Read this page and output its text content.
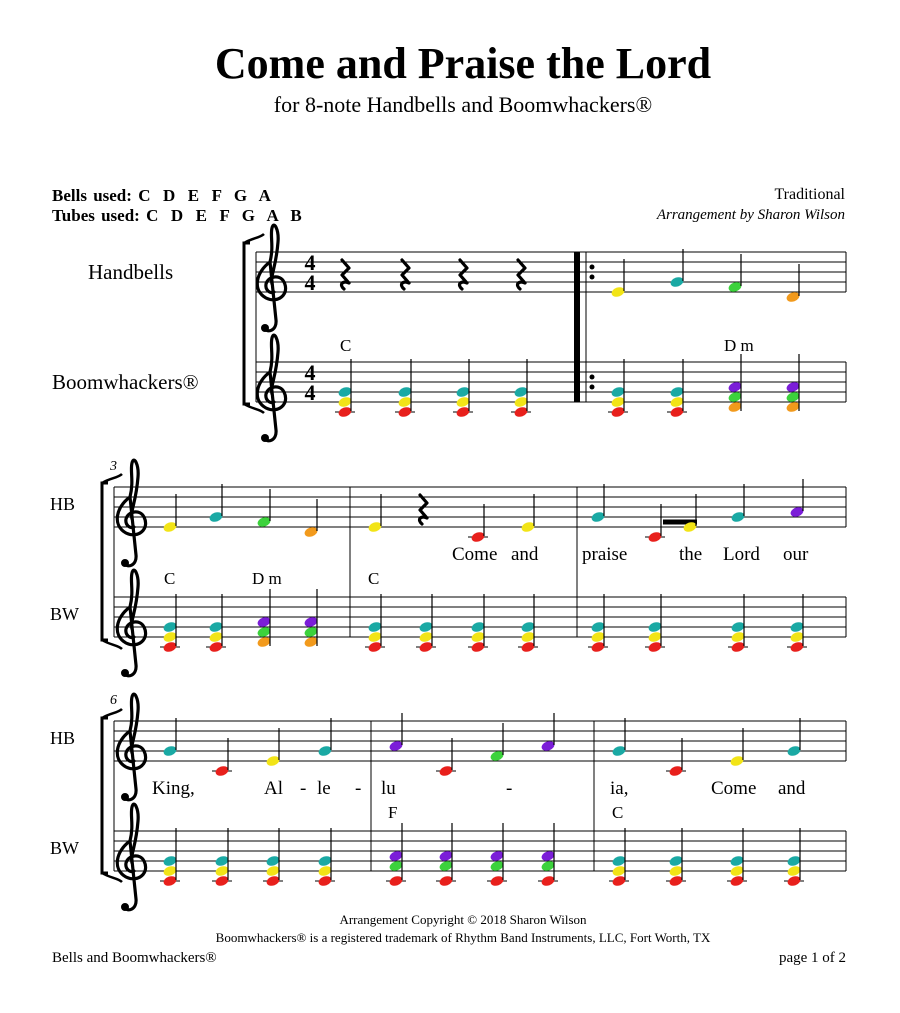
Come and Praise the Lord
for 8-note Handbells and Boomwhackers®
Bells used: C  D  E  F  G  A
Tubes used: C  D  E  F  G  A  B
Traditional
Arrangement by Sharon Wilson
Handbells
Boomwhackers®
HB
BW
HB
BW
4
4
4
4
C	D m
3
C	D m	C
Come and praise	the Lord our
6
F	C
King,	Al - le - lu	-	ia,	Come and
Arrangement Copyright © 2018 Sharon Wilson
Boomwhackers® is a registered trademark of Rhythm Band Instruments, LLC, Fort Worth, TX
Bells and Boomwhackers®	page 1 of 2
